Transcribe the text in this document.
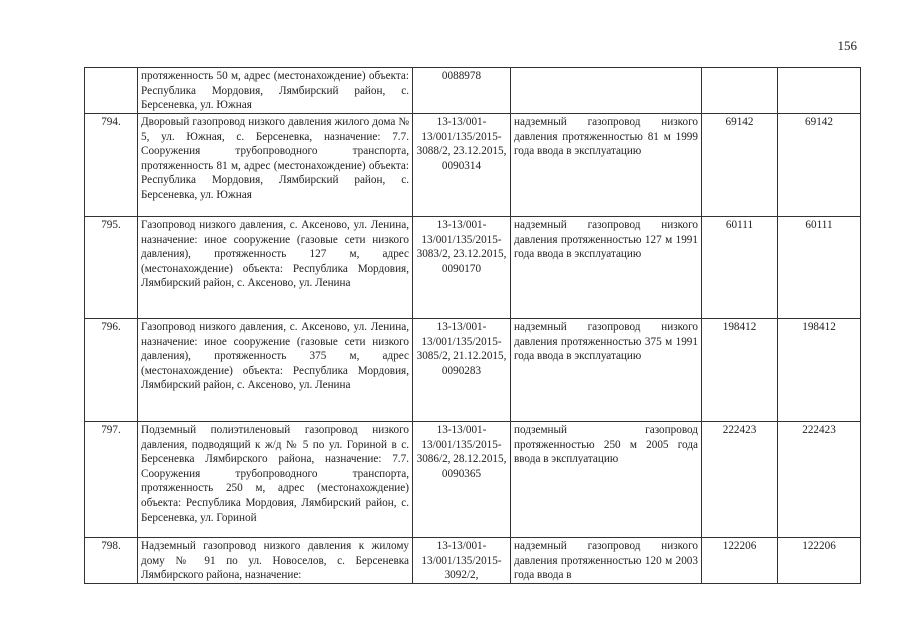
156
	протяженность 50 м, адрес (местонахождение) объекта: Республика Мордовия, Лямбирский район, с. Берсеневка, ул. Южная	0088978			
794.	Дворовый газопровод низкого давления жилого дома № 5, ул. Южная, с. Берсеневка, назначение: 7.7. Сооружения трубопроводного транспорта, протяженность 81 м, адрес (местонахождение) объекта: Республика Мордовия, Лямбирский район, с. Берсеневка, ул. Южная	13-13/001-13/001/135/2015-3088/2, 23.12.2015, 0090314	надземный газопровод низкого давления протяженностью 81 м 1999 года ввода в эксплуатацию	69142	69142
795.	Газопровод низкого давления, с. Аксеново, ул. Ленина, назначение: иное сооружение (газовые сети низкого давления), протяженность 127 м, адрес (местонахождение) объекта: Республика Мордовия, Лямбирский район, с. Аксеново, ул. Ленина	13-13/001-13/001/135/2015-3083/2, 23.12.2015, 0090170	надземный газопровод низкого давления протяженностью 127 м 1991 года ввода в эксплуатацию	60111	60111
796.	Газопровод низкого давления, с. Аксеново, ул. Ленина, назначение: иное сооружение (газовые сети низкого давления), протяженность 375 м, адрес (местонахождение) объекта: Республика Мордовия, Лямбирский район, с. Аксеново, ул. Ленина	13-13/001-13/001/135/2015-3085/2, 21.12.2015, 0090283	надземный газопровод низкого давления протяженностью 375 м 1991 года ввода в эксплуатацию	198412	198412
797.	Подземный полиэтиленовый газопровод низкого давления, подводящий к ж/д № 5 по ул. Гориной в с. Берсеневка Лямбирского района, назначение: 7.7. Сооружения трубопроводного транспорта, протяженность 250 м, адрес (местонахождение) объекта: Республика Мордовия, Лямбирский район, с. Берсеневка, ул. Гориной	13-13/001-13/001/135/2015-3086/2, 28.12.2015, 0090365	подземный газопровод протяженностью 250 м 2005 года ввода в эксплуатацию	222423	222423
798.	Надземный газопровод низкого давления к жилому дому № 91 по ул. Новоселов, с. Берсеневка Лямбирского района, назначение:	13-13/001-13/001/135/2015-3092/2,	надземный газопровод низкого давления протяженностью 120 м 2003 года ввода в	122206	122206
